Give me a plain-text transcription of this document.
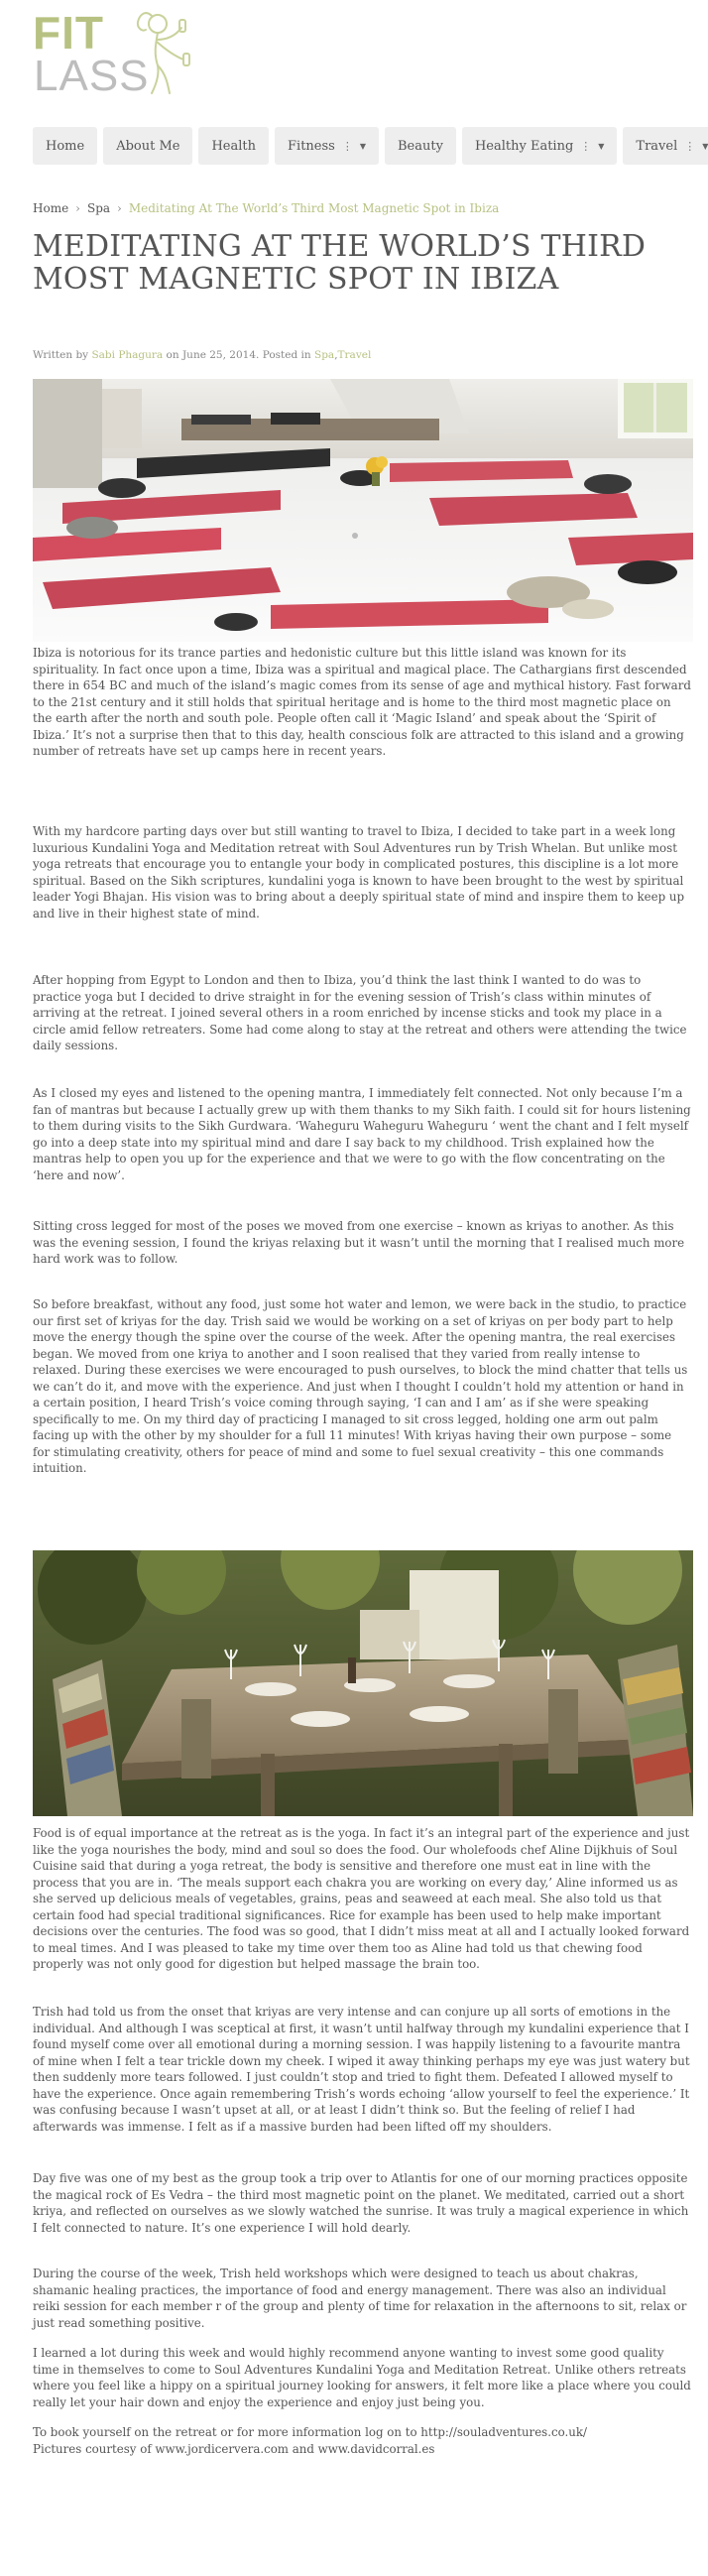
FIT
LASS
Home About Me Health Fitness ⋮ ▼ Beauty Healthy Eating ⋮ ▼ Travel ⋮ ▼
Home › Spa › Meditating At The World’s Third Most Magnetic Spot in Ibiza
MEDITATING AT THE WORLD’S THIRD MOST MAGNETIC SPOT IN IBIZA
Written by Sabi Phagura on June 25, 2014. Posted in Spa,Travel

Ibiza is notorious for its trance parties and hedonistic culture but this little island was known for its spirituality. In fact once upon a time, Ibiza was a spiritual and magical place. The Cathargians first descended there in 654 BC and much of the island’s magic comes from its sense of age and mythical history. Fast forward to the 21st century and it still holds that spiritual heritage and is home to the third most magnetic place on the earth after the north and south pole. People often call it ‘Magic Island’ and speak about the ‘Spirit of Ibiza.’ It’s not a surprise then that to this day, health conscious folk are attracted to this island and a growing number of retreats have set up camps here in recent years.

With my hardcore parting days over but still wanting to travel to Ibiza, I decided to take part in a week long luxurious Kundalini Yoga and Meditation retreat with Soul Adventures run by Trish Whelan. But unlike most yoga retreats that encourage you to entangle your body in complicated postures, this discipline is a lot more spiritual. Based on the Sikh scriptures, kundalini yoga is known to have been brought to the west by spiritual leader Yogi Bhajan. His vision was to bring about a deeply spiritual state of mind and inspire them to keep up and live in their highest state of mind.

After hopping from Egypt to London and then to Ibiza, you’d think the last think I wanted to do was to practice yoga but I decided to drive straight in for the evening session of Trish’s class within minutes of arriving at the retreat. I joined several others in a room enriched by incense sticks and took my place in a circle amid fellow retreaters. Some had come along to stay at the retreat and others were attending the twice daily sessions.

As I closed my eyes and listened to the opening mantra, I immediately felt connected. Not only because I’m a fan of mantras but because I actually grew up with them thanks to my Sikh faith. I could sit for hours listening to them during visits to the Sikh Gurdwara. ‘Waheguru Waheguru Waheguru ‘ went the chant and I felt myself go into a deep state into my spiritual mind and dare I say back to my childhood. Trish explained how the mantras help to open you up for the experience and that we were to go with the flow concentrating on the ‘here and now’.

Sitting cross legged for most of the poses we moved from one exercise – known as kriyas to another. As this was the evening session, I found the kriyas relaxing but it wasn’t until the morning that I realised much more hard work was to follow.

So before breakfast, without any food, just some hot water and lemon, we were back in the studio, to practice our first set of kriyas for the day. Trish said we would be working on a set of kriyas on per body part to help move the energy though the spine over the course of the week. After the opening mantra, the real exercises began. We moved from one kriya to another and I soon realised that they varied from really intense to relaxed. During these exercises we were encouraged to push ourselves, to block the mind chatter that tells us we can’t do it, and move with the experience. And just when I thought I couldn’t hold my attention or hand in a certain position, I heard Trish’s voice coming through saying, ‘I can and I am’ as if she were speaking specifically to me. On my third day of practicing I managed to sit cross legged, holding one arm out palm facing up with the other by my shoulder for a full 11 minutes! With kriyas having their own purpose – some for stimulating creativity, others for peace of mind and some to fuel sexual creativity – this one commands intuition.

Food is of equal importance at the retreat as is the yoga. In fact it’s an integral part of the experience and just like the yoga nourishes the body, mind and soul so does the food. Our wholefoods chef Aline Dijkhuis of Soul Cuisine said that during a yoga retreat, the body is sensitive and therefore one must eat in line with the process that you are in. ‘The meals support each chakra you are working on every day,’ Aline informed us as she served up delicious meals of vegetables, grains, peas and seaweed at each meal. She also told us that certain food had special traditional significances. Rice for example has been used to help make important decisions over the centuries. The food was so good, that I didn’t miss meat at all and I actually looked forward to meal times. And I was pleased to take my time over them too as Aline had told us that chewing food properly was not only good for digestion but helped massage the brain too.

Trish had told us from the onset that kriyas are very intense and can conjure up all sorts of emotions in the individual. And although I was sceptical at first, it wasn’t until halfway through my kundalini experience that I found myself come over all emotional during a morning session. I was happily listening to a favourite mantra of mine when I felt a tear trickle down my cheek. I wiped it away thinking perhaps my eye was just watery but then suddenly more tears followed. I just couldn’t stop and tried to fight them. Defeated I allowed myself to have the experience. Once again remembering Trish’s words echoing ‘allow yourself to feel the experience.’ It was confusing because I wasn’t upset at all, or at least I didn’t think so. But the feeling of relief I had afterwards was immense. I felt as if a massive burden had been lifted off my shoulders.

Day five was one of my best as the group took a trip over to Atlantis for one of our morning practices opposite the magical rock of Es Vedra – the third most magnetic point on the planet. We meditated, carried out a short kriya, and reflected on ourselves as we slowly watched the sunrise. It was truly a magical experience in which I felt connected to nature. It’s one experience I will hold dearly.

During the course of the week, Trish held workshops which were designed to teach us about chakras, shamanic healing practices, the importance of food and energy management. There was also an individual reiki session for each member r of the group and plenty of time for relaxation in the afternoons to sit, relax or just read something positive.

I learned a lot during this week and would highly recommend anyone wanting to invest some good quality time in themselves to come to Soul Adventures Kundalini Yoga and Meditation Retreat. Unlike others retreats where you feel like a hippy on a spiritual journey looking for answers, it felt more like a place where you could really let your hair down and enjoy the experience and enjoy just being you.

To book yourself on the retreat or for more information log on to http://souladventures.co.uk/

Pictures courtesy of www.jordicervera.com and www.davidcorral.es
